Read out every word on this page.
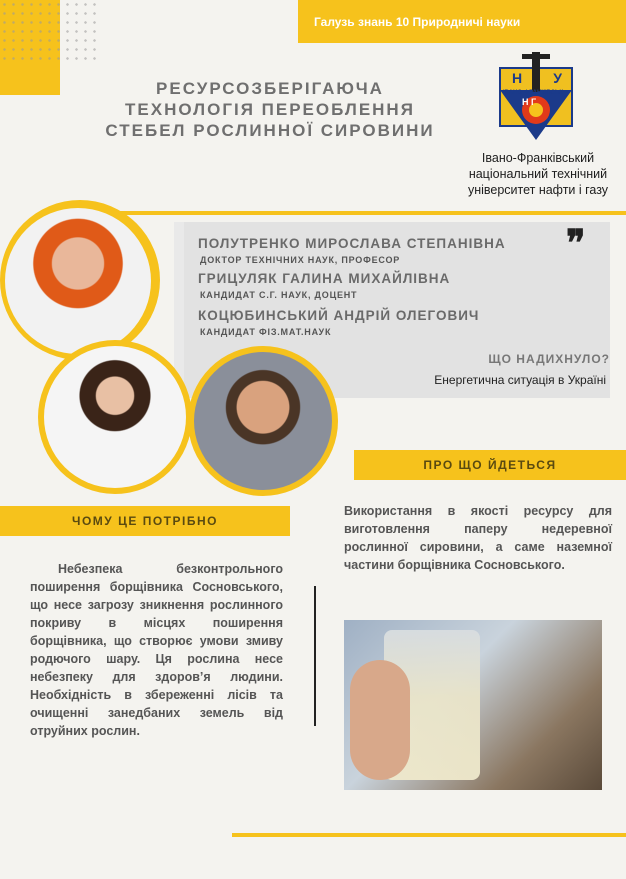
Галузь знань 10 Природничі науки
РЕСУРСОЗБЕРІГАЮЧА
ТЕХНОЛОГІЯ ПЕРЕОБЛЕННЯ
СТЕБЕЛ РОСЛИННОЇ СИРОВИНИ
Н У
ІВАНО-ФРАНКІВСЬК
Н Г
Івано-Франківський
національний технічний
університет нафти і газу
❞
ПОЛУТРЕНКО МИРОСЛАВА СТЕПАНІВНА
ДОКТОР ТЕХНІЧНИХ НАУК, ПРОФЕСОР
ГРИЦУЛЯК ГАЛИНА МИХАЙЛІВНА
КАНДИДАТ С.Г. НАУК, ДОЦЕНТ
КОЦЮБИНСЬКИЙ АНДРІЙ ОЛЕГОВИЧ
КАНДИДАТ ФІЗ.МАТ.НАУК
ЩО НАДИХНУЛО?
Енергетична ситуація в Україні
ПРО ЩО ЙДЕТЬСЯ
Використання в якості ресурсу для виготовлення паперу недеревної рослинної сировини, а саме наземної частини борщівника Сосновського.
ЧОМУ ЦЕ ПОТРІБНО
Небезпека безконтрольного поширення борщівника Сосновського, що несе загрозу зникнення рослинного покриву в місцях поширення борщівника, що створює умови змиву родючого шару. Ця рослина несе небезпеку для здоров’я людини. Необхідність в збереженні лісів та очищенні занедбаних земель від отруйних рослин.
